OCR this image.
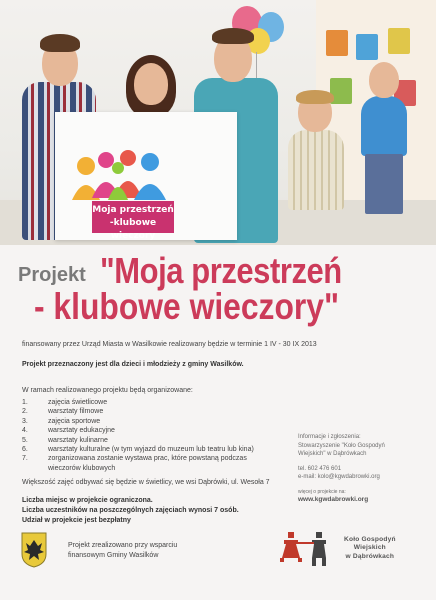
Moja przestrzeń
-klubowe wieczory
Projekt "Moja przestrzeń
- klubowe wieczory"
finansowany przez Urząd Miasta w Wasilkowie realizowany będzie w terminie 1 IV - 30 IX 2013
Projekt przeznaczony jest dla dzieci i młodzieży z gminy Wasilków.
W ramach realizowanego projektu będą organizowane:
1.	zajęcia świetlicowe
2.	warsztaty filmowe
3.	zajęcia sportowe
4.	warsztaty edukacyjne
5.	warsztaty kulinarne
6.	warsztaty kulturalne (w tym wyjazd do muzeum lub teatru lub kina)
7.	zorganizowana zostanie wystawa prac, które powstaną podczas
wieczorów klubowych
Większość zajęć odbywać się będzie w świetlicy, we wsi Dąbrówki, ul. Wesoła 7
Liczba miejsc w projekcie ograniczona.
Liczba uczestników na poszczególnych zajęciach wynosi 7 osób.
Udział w projekcie jest bezpłatny
Informacje i zgłoszenia:
Stowarzyszenie "Koło Gospodyń
Wiejskich" w Dąbrówkach
tel. 602 476 601
e-mail: kolo@kgwdabrowki.org
więcej o projekcie na:
www.kgwdabrowki.org
Projekt zrealizowano przy wsparciu
finansowym Gminy Wasilków
Koło Gospodyń
Wiejskich
w Dąbrówkach
